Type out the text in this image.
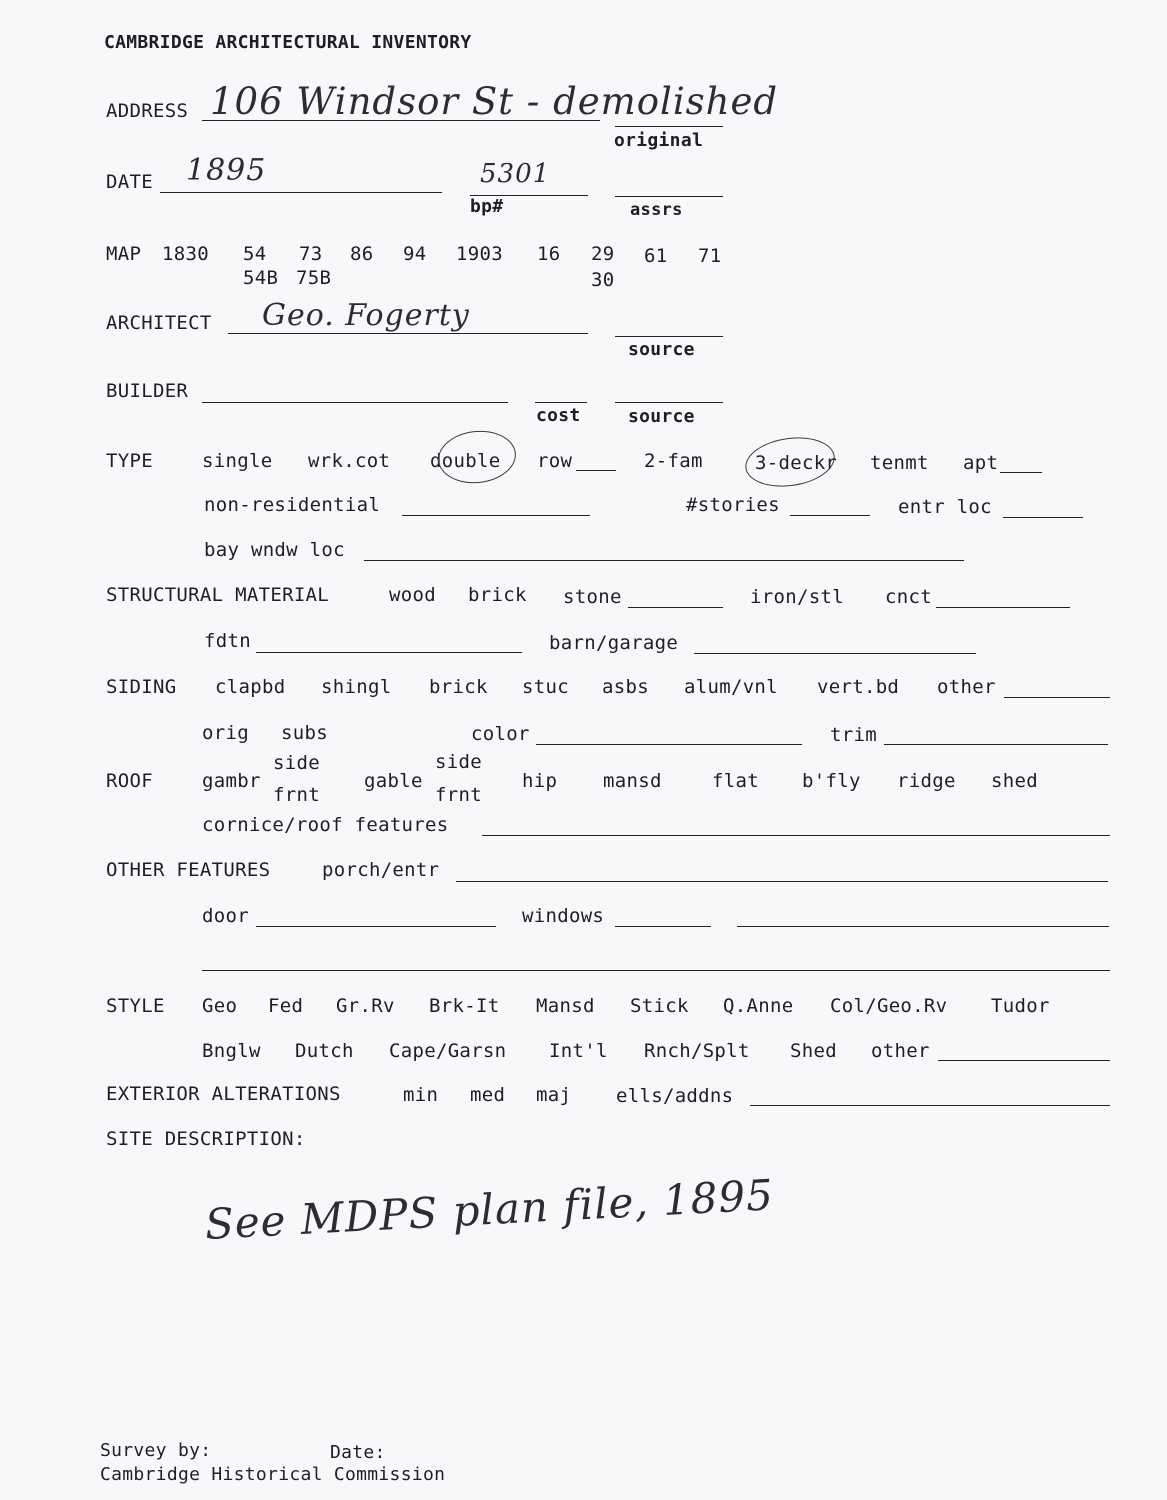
CAMBRIDGE ARCHITECTURAL INVENTORY
ADDRESS 106 Windsor St - demolished
original
DATE 1895	5301
bp#	assrs
MAP 1830 54 73 86 94 1903 16 29 61 71
54B 75B	30
ARCHITECT Geo. Fogerty
source
BUILDER
cost	source
TYPE	single wrk.cot double row	2-fam	3-deckr tenmt apt
non-residential	#stories	entr loc
bay wndw loc
STRUCTURAL MATERIAL	wood brick stone	iron/stl cnct
fdtn	barn/garage
SIDING clapbd shingl brick stuc asbs alum/vnl vert.bd other
orig subs	color	trim
ROOF	gambr
side
frnt
gable
side
frnt
hip mansd	flat b'fly ridge shed
cornice/roof features
OTHER FEATURES	porch/entr
door	windows
STYLE Geo Fed Gr.Rv Brk-It Mansd Stick Q.Anne Col/Geo.Rv Tudor
Bnglw Dutch Cape/Garsn Int'l Rnch/Splt Shed other
EXTERIOR ALTERATIONS	min med maj ells/addns
SITE DESCRIPTION:
See MDPS plan file, 1895
Survey by:	Date:
Cambridge Historical Commission
